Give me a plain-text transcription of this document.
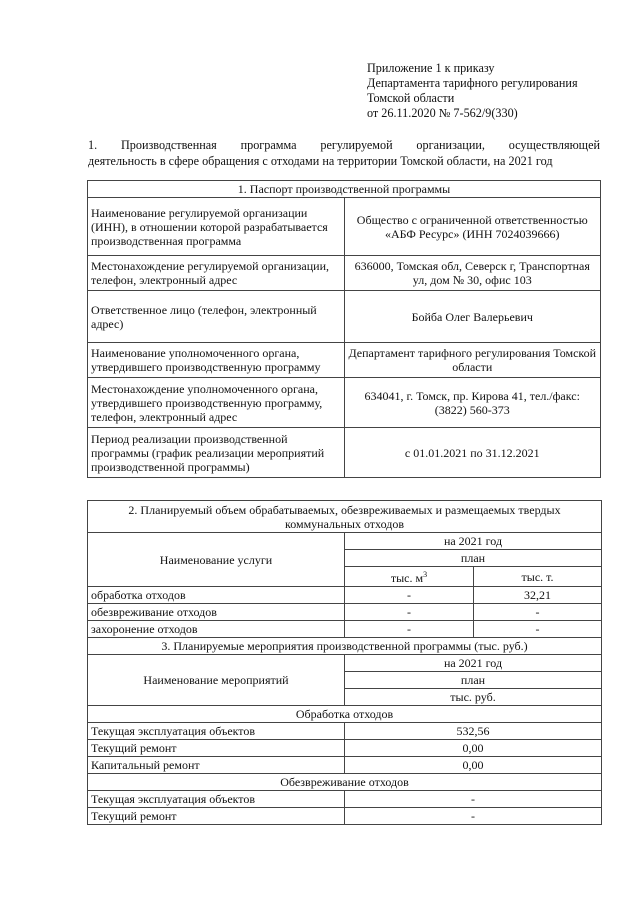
Приложение 1 к приказу
Департамента тарифного регулирования
Томской области
от 26.11.2020 № 7-562/9(330)
1. Производственная программа регулируемой организации, осуществляющей
деятельность в сфере обращения с отходами на территории Томской области, на 2021 год
1. Паспорт производственной программы	
Наименование регулируемой организации (ИНН), в отношении которой разрабатывается производственная программа	Общество с ограниченной ответственностью «АБФ Ресурс» (ИНН 7024039666)
Местонахождение регулируемой организации, телефон, электронный адрес	636000, Томская обл, Северск г, Транспортная ул, дом № 30, офис 103
Ответственное лицо (телефон, электронный адрес)	Бойба Олег Валерьевич
Наименование уполномоченного органа, утвердившего производственную программу	Департамент тарифного регулирования Томской области
Местонахождение уполномоченного органа, утвердившего производственную программу, телефон, электронный адрес	634041, г. Томск, пр. Кирова 41, тел./факс: (3822) 560-373
Период реализации производственной программы (график реализации мероприятий производственной программы)	с 01.01.2021 по 31.12.2021
2. Планируемый объем обрабатываемых, обезвреживаемых и размещаемых твердых коммунальных отходов		
Наименование услуги	на 2021 год	
	план	
	тыс. $м^3$	тыс. т.
обработка отходов	-	32,21
обезвреживание отходов	-	-
захоронение отходов	-	-
3. Планируемые мероприятия производственной программы (тыс. руб.)		
Наименование мероприятий	на 2021 год	
	план	
	тыс. руб.	
Обработка отходов		
Текущая эксплуатация объектов	532,56	
Текущий ремонт	0,00	
Капитальный ремонт	0,00	
Обезвреживание отходов		
Текущая эксплуатация объектов	-	
Текущий ремонт	-	
